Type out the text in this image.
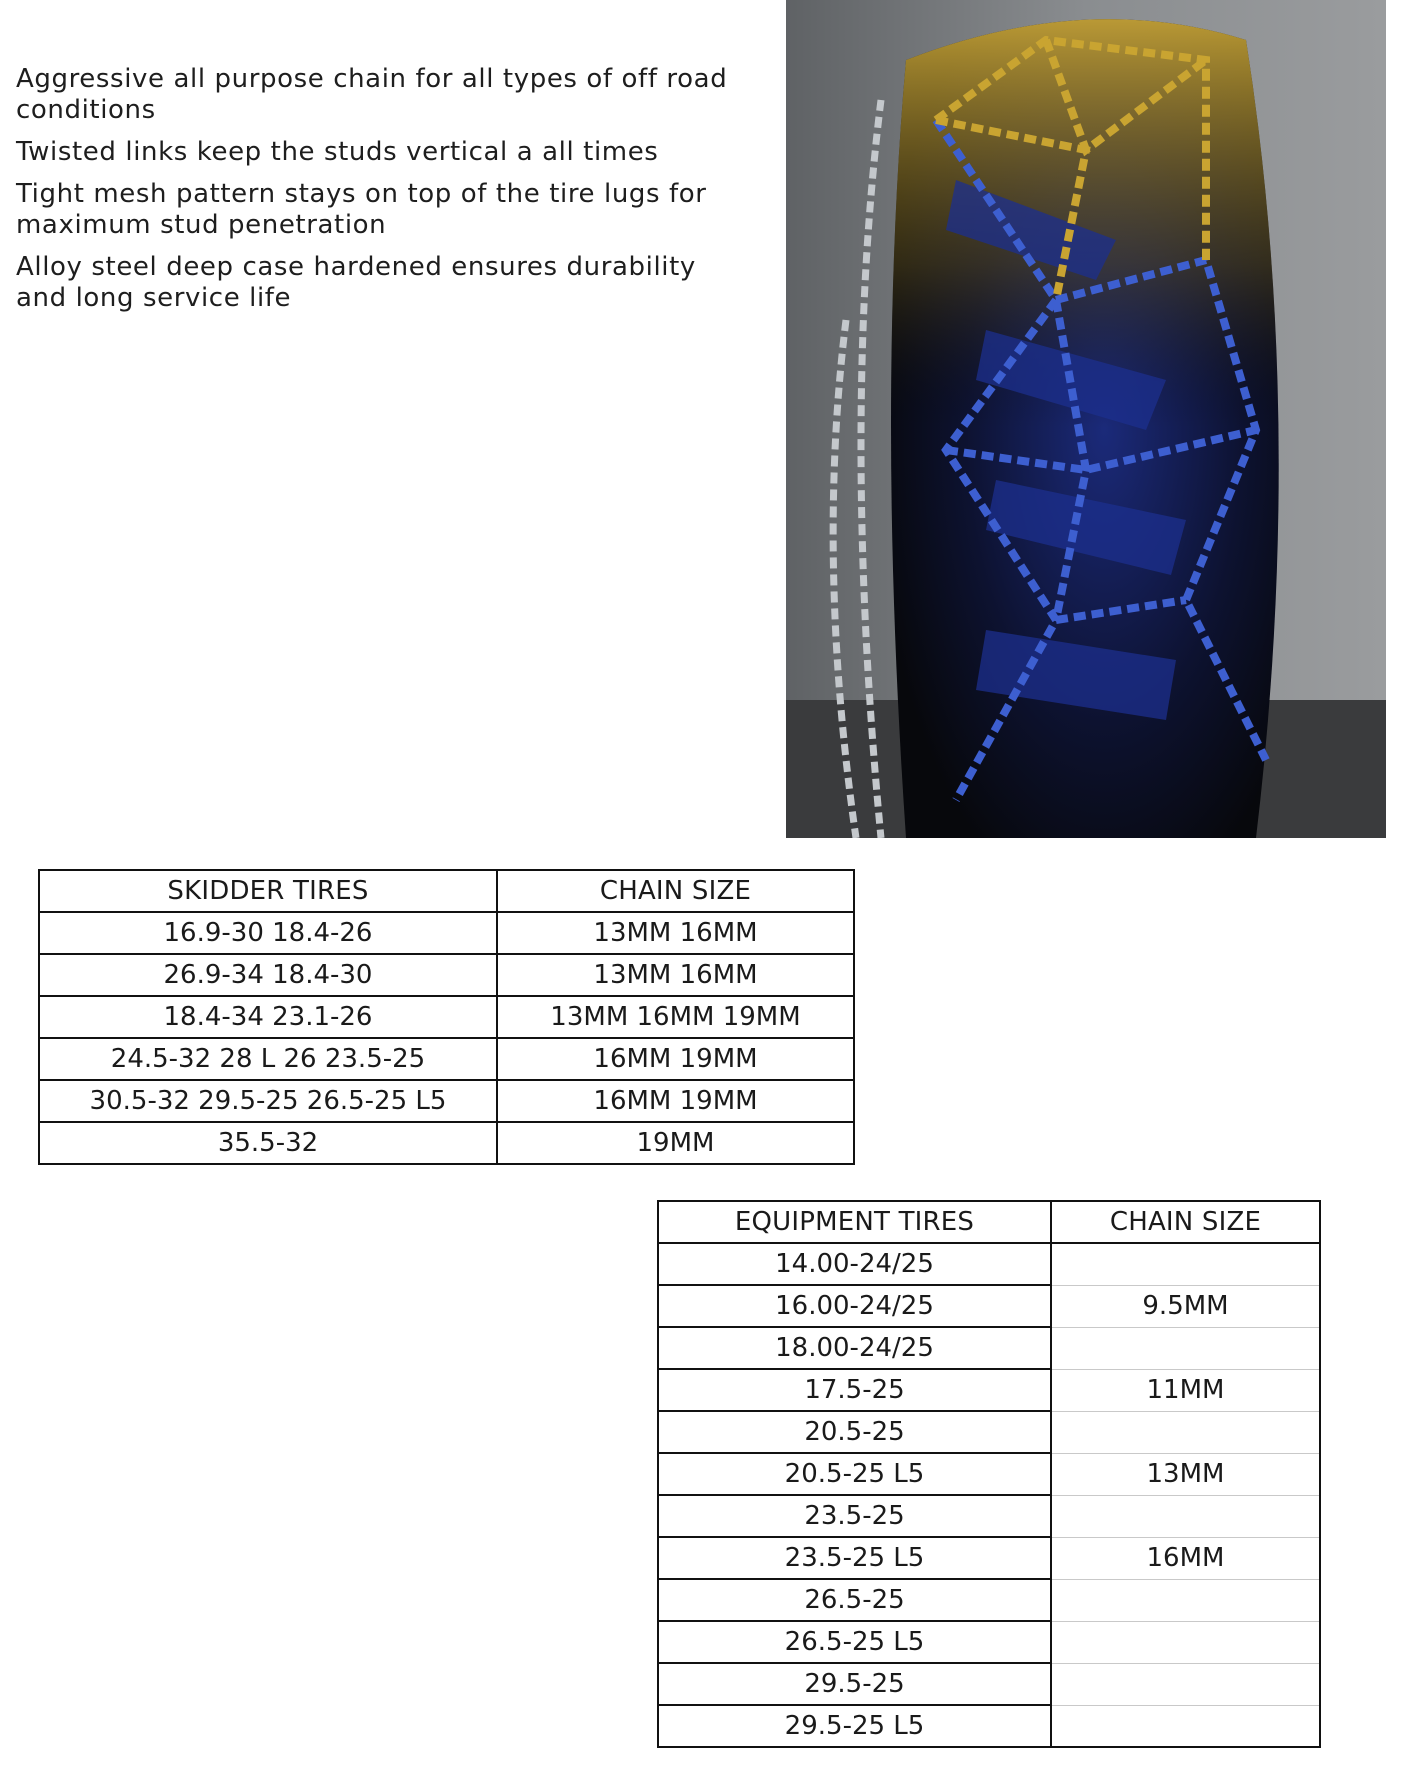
Aggressive all purpose chain for all types of off road conditions
Twisted links keep the studs vertical a all times
Tight mesh pattern stays on top of the tire lugs for maximum stud penetration
Alloy steel deep case hardened ensures durability and long service life
SKIDDER TIRES	CHAIN SIZE
16.9-30 18.4-26	13MM 16MM
26.9-34 18.4-30	13MM 16MM
18.4-34 23.1-26	13MM 16MM 19MM
24.5-32 28 L 26 23.5-25	16MM 19MM
30.5-32 29.5-25 26.5-25 L5	16MM 19MM
35.5-32	19MM
EQUIPMENT TIRES	CHAIN SIZE
14.00-24/25	
16.00-24/25	9.5MM
18.00-24/25	
17.5-25	11MM
20.5-25	
20.5-25 L5	13MM
23.5-25	
23.5-25 L5	16MM
26.5-25	
26.5-25 L5	
29.5-25	
29.5-25 L5	
